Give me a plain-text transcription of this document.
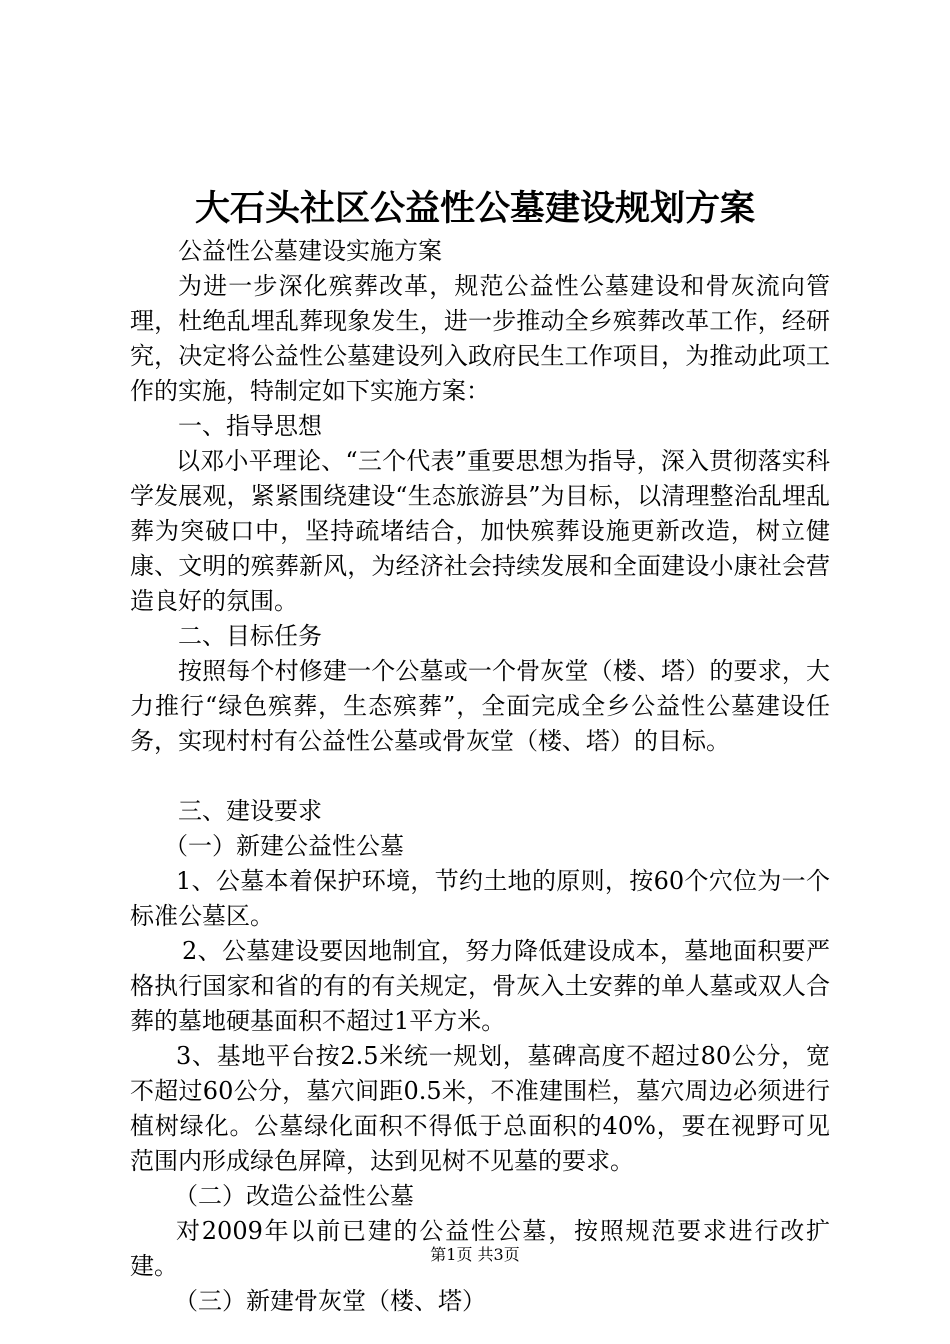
大石头社区公益性公墓建设规划方案

公益性公墓建设实施方案

为进一步深化殡葬改革，规范公益性公墓建设和骨灰流向管理，杜绝乱埋乱葬现象发生，进一步推动全乡殡葬改革工作，经研究，决定将公益性公墓建设列入政府民生工作项目，为推动此项工作的实施，特制定如下实施方案：

一、指导思想

以邓小平理论、“三个代表”重要思想为指导，深入贯彻落实科学发展观，紧紧围绕建设“生态旅游县”为目标，以清理整治乱埋乱葬为突破口中，坚持疏堵结合，加快殡葬设施更新改造，树立健康、文明的殡葬新风，为经济社会持续发展和全面建设小康社会营造良好的氛围。

二、目标任务

按照每个村修建一个公墓或一个骨灰堂（楼、塔）的要求，大力推行“绿色殡葬，生态殡葬”，全面完成全乡公益性公墓建设任务，实现村村有公益性公墓或骨灰堂（楼、塔）的目标。

三、建设要求

（一）新建公益性公墓

1、公墓本着保护环境，节约土地的原则，按60个穴位为一个标准公墓区。

2、公墓建设要因地制宜，努力降低建设成本，墓地面积要严格执行国家和省的有的有关规定，骨灰入土安葬的单人墓或双人合葬的墓地硬基面积不超过1平方米。

3、基地平台按2.5米统一规划，墓碑高度不超过80公分，宽不超过60公分，墓穴间距0.5米，不准建围栏，墓穴周边必须进行植树绿化。公墓绿化面积不得低于总面积的40%，要在视野可见范围内形成绿色屏障，达到见树不见墓的要求。

（二）改造公益性公墓

对2009年以前已建的公益性公墓，按照规范要求进行改扩建。

（三）新建骨灰堂（楼、塔）

第1页 共3页
